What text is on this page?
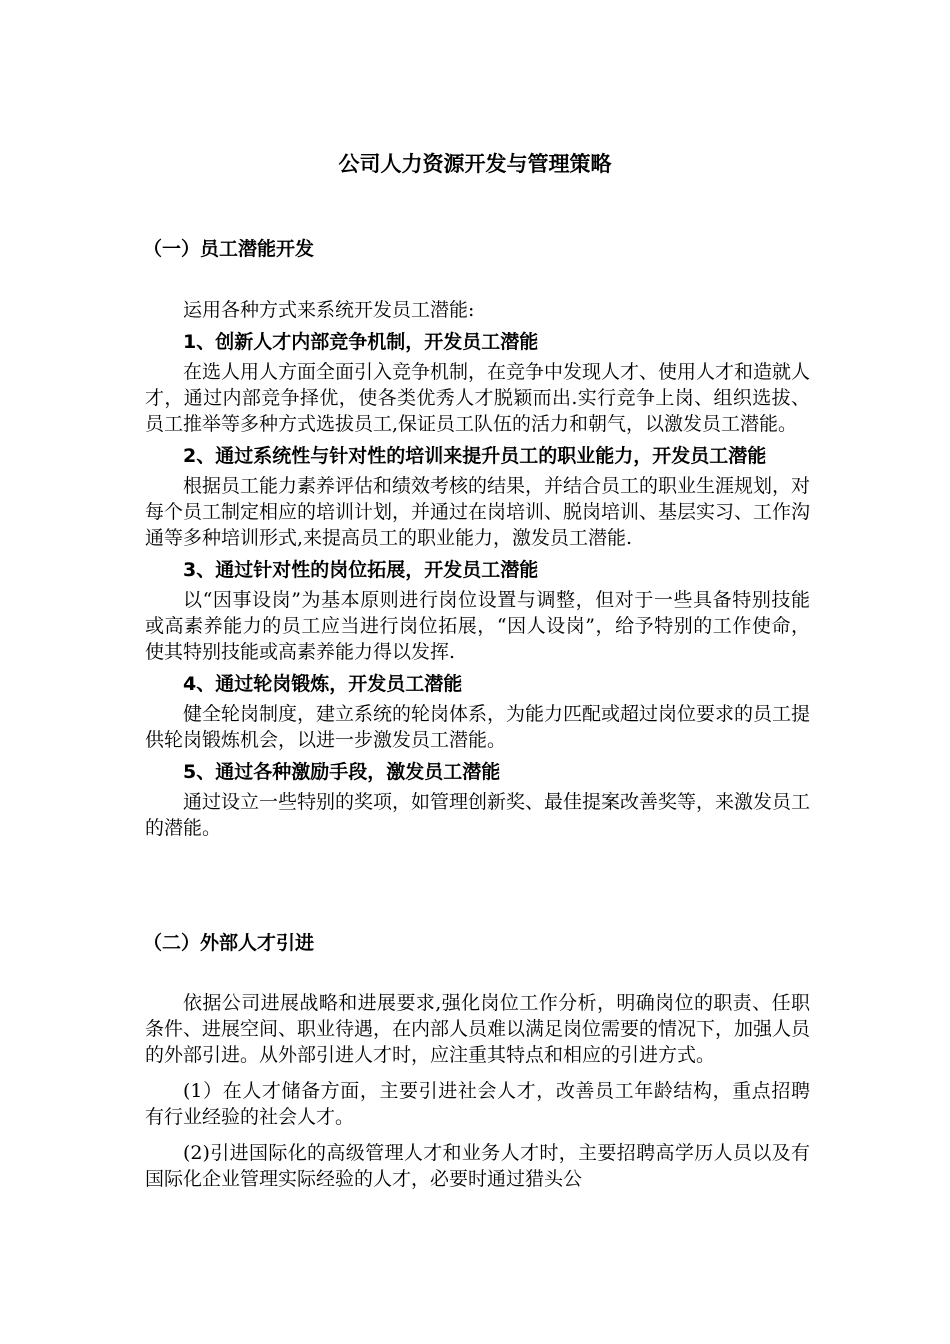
公司人力资源开发与管理策略
（一）员工潜能开发

运用各种方式来系统开发员工潜能:

1、创新人才内部竞争机制，开发员工潜能

在选人用人方面全面引入竞争机制，在竞争中发现人才、使用人才和造就人才，通过内部竞争择优，使各类优秀人才脱颖而出.实行竞争上岗、组织选拔、员工推举等多种方式选拔员工,保证员工队伍的活力和朝气，以激发员工潜能。

2、通过系统性与针对性的培训来提升员工的职业能力，开发员工潜能

根据员工能力素养评估和绩效考核的结果，并结合员工的职业生涯规划，对每个员工制定相应的培训计划，并通过在岗培训、脱岗培训、基层实习、工作沟通等多种培训形式,来提高员工的职业能力，激发员工潜能.

3、通过针对性的岗位拓展，开发员工潜能

以“因事设岗”为基本原则进行岗位设置与调整，但对于一些具备特别技能或高素养能力的员工应当进行岗位拓展，“因人设岗”，给予特别的工作使命，使其特别技能或高素养能力得以发挥.

4、通过轮岗锻炼，开发员工潜能

健全轮岗制度，建立系统的轮岗体系，为能力匹配或超过岗位要求的员工提供轮岗锻炼机会，以进一步激发员工潜能。

5、通过各种激励手段，激发员工潜能

通过设立一些特别的奖项，如管理创新奖、最佳提案改善奖等，来激发员工的潜能。

（二）外部人才引进

依据公司进展战略和进展要求,强化岗位工作分析，明确岗位的职责、任职条件、进展空间、职业待遇，在内部人员难以满足岗位需要的情况下，加强人员的外部引进。从外部引进人才时，应注重其特点和相应的引进方式。

(1）在人才储备方面，主要引进社会人才，改善员工年龄结构，重点招聘有行业经验的社会人才。

(2)引进国际化的高级管理人才和业务人才时，主要招聘高学历人员以及有国际化企业管理实际经验的人才，必要时通过猎头公
